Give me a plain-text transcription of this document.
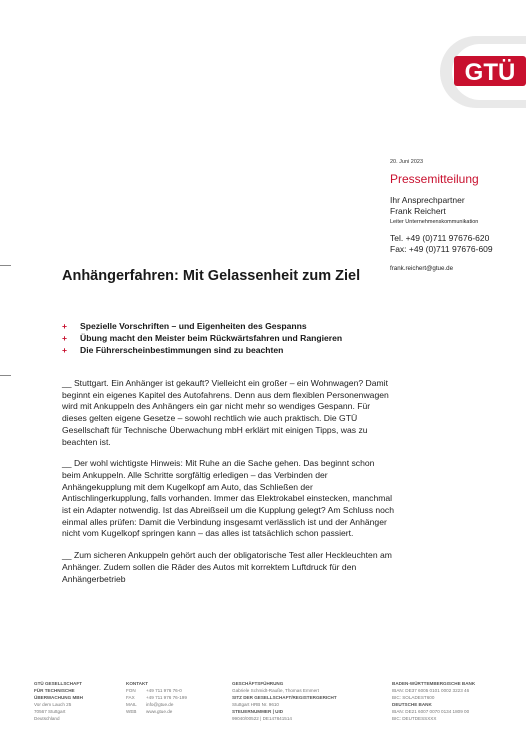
GTÜ
20. Juni 2023
Pressemitteilung
Ihr Ansprechpartner
Frank Reichert
Leiter Unternehmenskommunikation
Tel. +49 (0)711 97676-620
Fax: +49 (0)711 97676-609
frank.reichert@gtue.de
Anhängerfahren: Mit Gelassenheit zum Ziel
+ Spezielle Vorschriften – und Eigenheiten des Gespanns
+ Übung macht den Meister beim Rückwärtsfahren und Rangieren
+ Die Führerscheinbestimmungen sind zu beachten

__ Stuttgart. Ein Anhänger ist gekauft? Vielleicht ein großer – ein Wohnwagen? Damit beginnt ein eigenes Kapitel des Autofahrens. Denn aus dem flexiblen Personenwagen wird mit Ankuppeln des Anhängers ein gar nicht mehr so wendiges Gespann. Für dieses gelten eigene Gesetze – sowohl rechtlich wie auch praktisch. Die GTÜ Gesellschaft für Technische Überwachung mbH erklärt mit einigen Tipps, was zu beachten ist.

__ Der wohl wichtigste Hinweis: Mit Ruhe an die Sache gehen. Das beginnt schon beim Ankuppeln. Alle Schritte sorgfältig erledigen – das Verbinden der Anhängekupplung mit dem Kugelkopf am Auto, das Schließen der Antischlingerkupplung, falls vorhanden. Immer das Elektrokabel einstecken, manchmal ist ein Adapter notwendig. Ist das Abreißseil um die Kupplung gelegt? Am Schluss noch einmal alles prüfen: Damit die Verbindung insgesamt verlässlich ist und der Anhänger nicht vom Kugelkopf springen kann – das alles ist tatsächlich schon passiert.

__ Zum sicheren Ankuppeln gehört auch der obligatorische Test aller Heckleuchten am Anhänger. Zudem sollen die Räder des Autos mit korrektem Luftdruck für den Anhängerbetrieb

GTÜ GESELLSCHAFT
FÜR TECHNISCHE
ÜBERWACHUNG MBH
Vor dem Lauch 25
70567 Stuttgart
Deutschland
KONTAKT
FON +49 711 976 76-0
FAX +49 711 976 76-199
MAIL info@gtue.de
WEB www.gtue.de
GESCHÄFTSFÜHRUNG
Gabriele Schmidt-Rauße, Thomas Emmert
SITZ DER GESELLSCHAFT/REGISTERGERICHT
Stuttgart HRB Nr. 9610
STEUERNUMMER | UID
99040/00522 | DE147841514
BADEN-WÜRTTEMBERGISCHE BANK
IBAN: DE37 6005 0101 0002 3223 46
BIC: SOLADEST600
DEUTSCHE BANK
IBAN: DE21 6007 0070 0134 1809 00
BIC: DEUTDESSXXX
